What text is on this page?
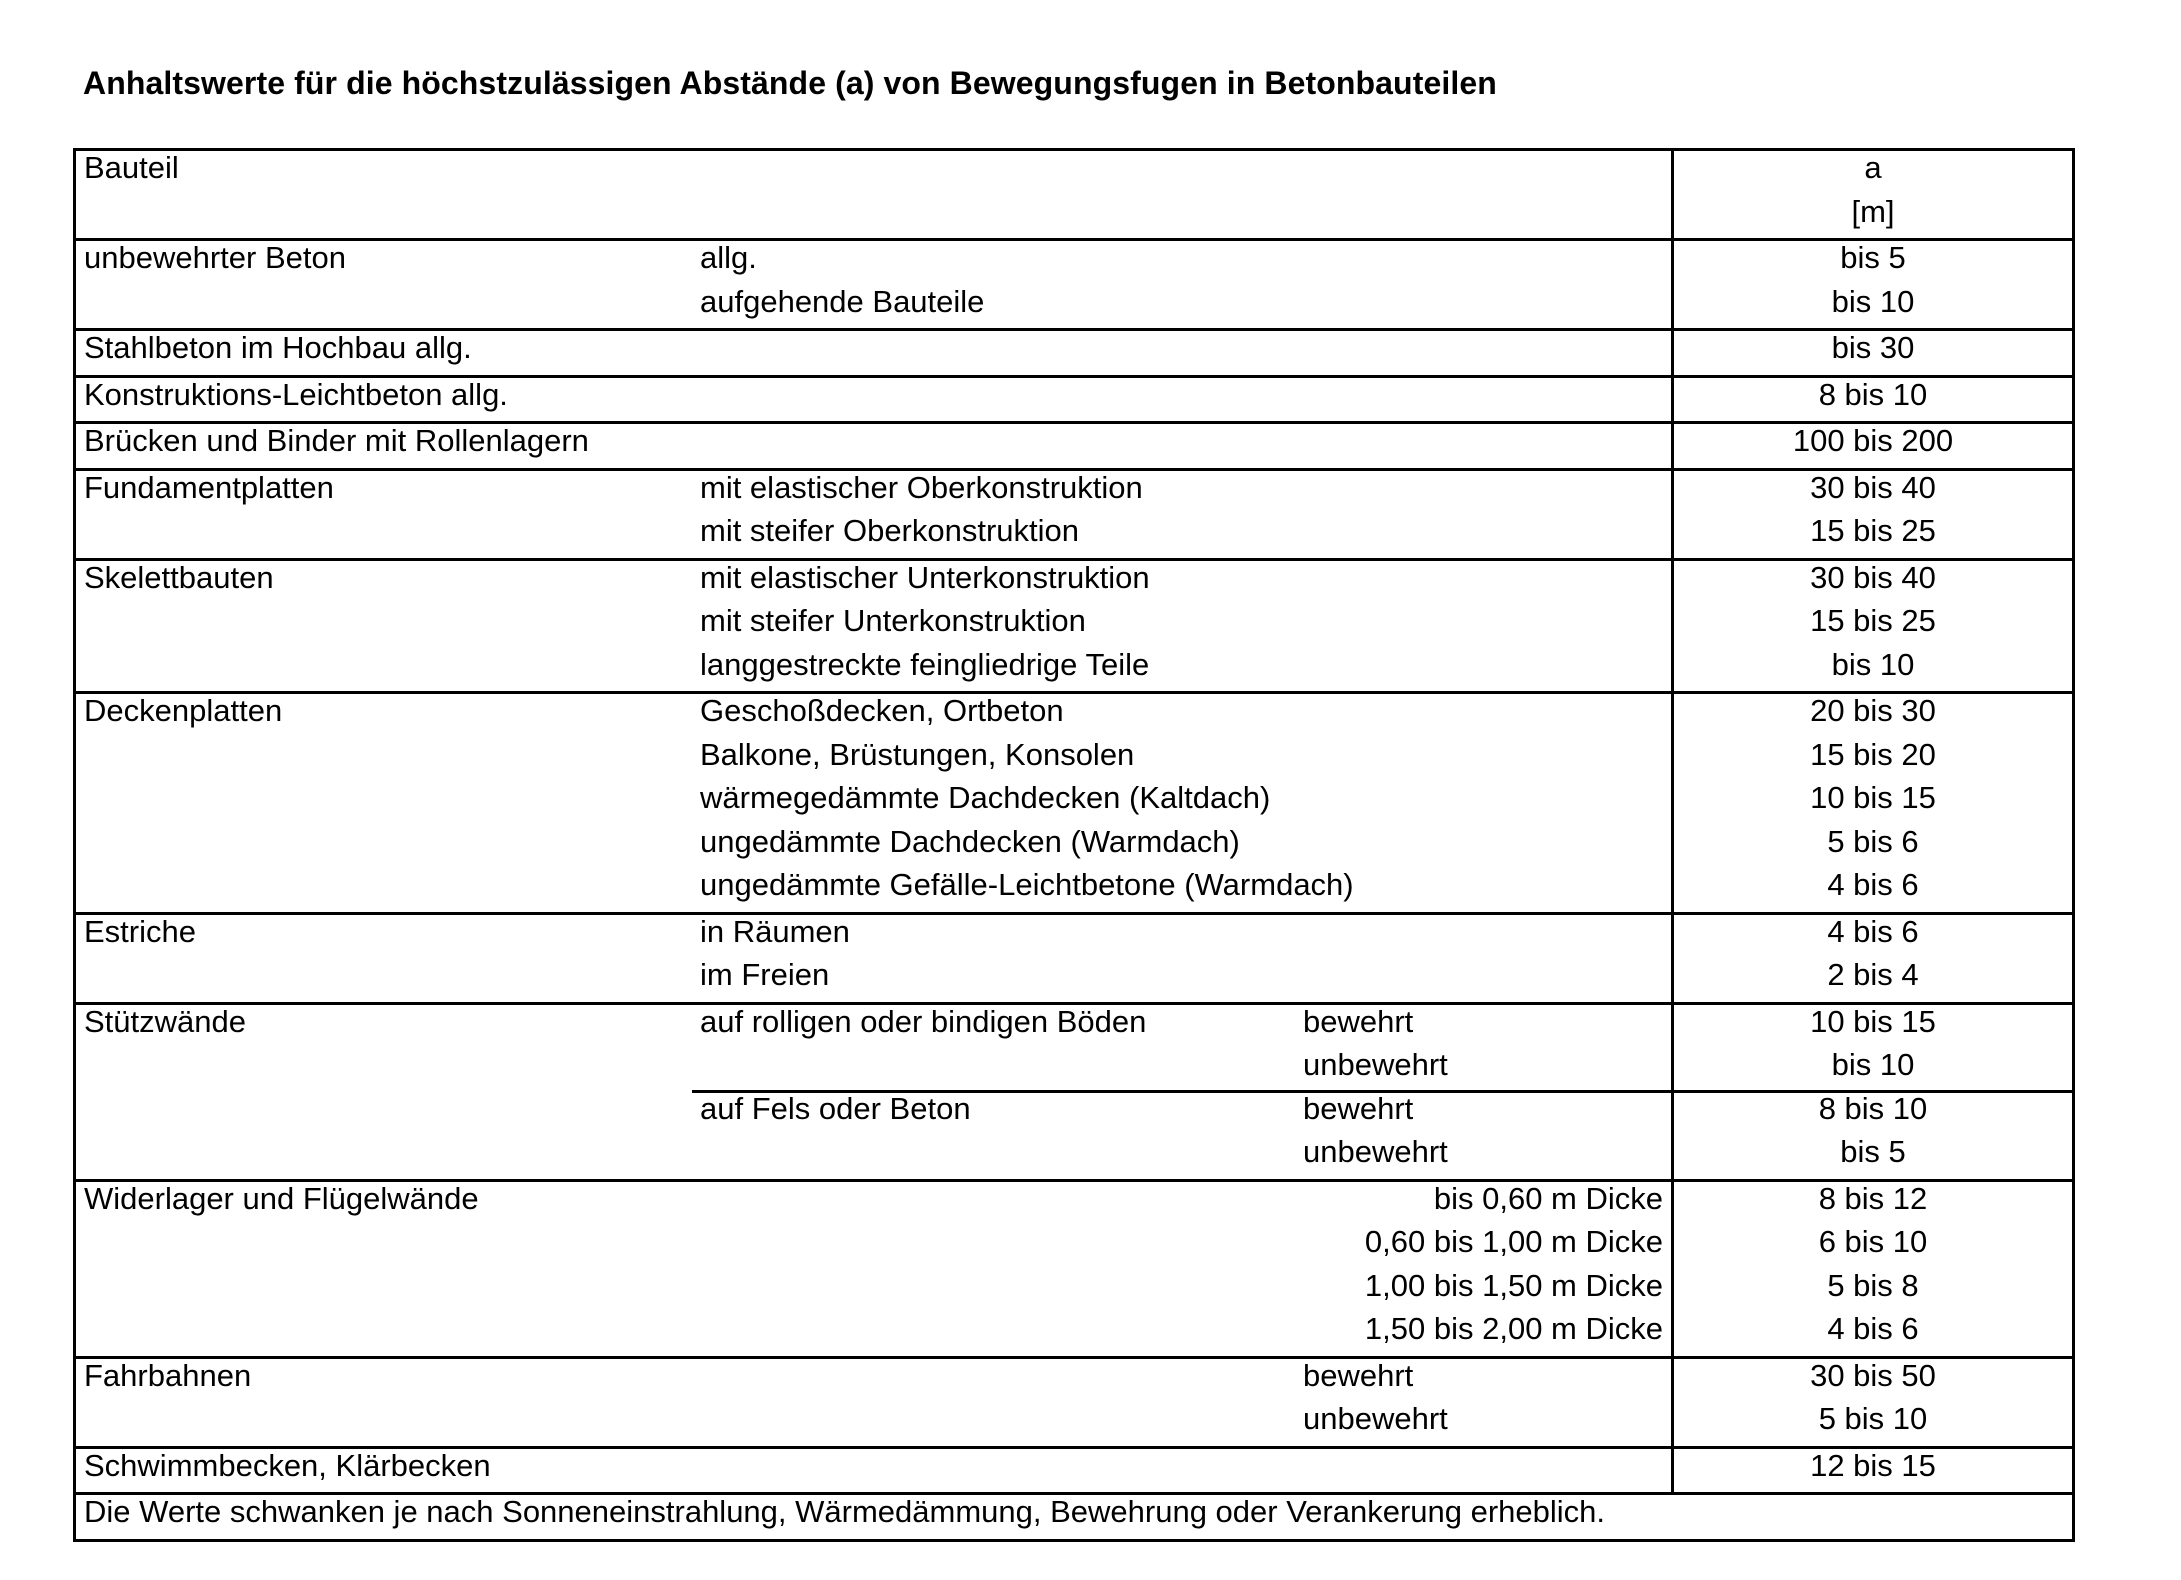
Anhaltswerte für die höchstzulässigen Abstände (a) von Bewegungsfugen in Betonbauteilen
Bauteil	a
[m]
unbewehrter Beton	allg.	bis 5
aufgehende Bauteile	bis 10
Stahlbeton im Hochbau allg.	bis 30
Konstruktions-Leichtbeton allg.	8 bis 10
Brücken und Binder mit Rollenlagern	100 bis 200
Fundamentplatten	mit elastischer Oberkonstruktion	30 bis 40
mit steifer Oberkonstruktion	15 bis 25
Skelettbauten	mit elastischer Unterkonstruktion	30 bis 40
mit steifer Unterkonstruktion	15 bis 25
langgestreckte feingliedrige Teile	bis 10
Deckenplatten	Geschoßdecken, Ortbeton	20 bis 30
Balkone, Brüstungen, Konsolen	15 bis 20
wärmegedämmte Dachdecken (Kaltdach)	10 bis 15
ungedämmte Dachdecken (Warmdach)	5 bis 6
ungedämmte Gefälle-Leichtbetone (Warmdach)	4 bis 6
Estriche	in Räumen	4 bis 6
im Freien	2 bis 4
Stützwände	auf rolligen oder bindigen Böden	bewehrt	10 bis 15
unbewehrt	bis 10
auf Fels oder Beton	bewehrt	8 bis 10
unbewehrt	bis 5
Widerlager und Flügelwände	bis 0,60 m Dicke	8 bis 12
0,60 bis 1,00 m Dicke	6 bis 10
1,00 bis 1,50 m Dicke	5 bis 8
1,50 bis 2,00 m Dicke	4 bis 6
Fahrbahnen	bewehrt	30 bis 50
unbewehrt	5 bis 10
Schwimmbecken, Klärbecken	12 bis 15
Die Werte schwanken je nach Sonneneinstrahlung, Wärmedämmung, Bewehrung oder Verankerung erheblich.
